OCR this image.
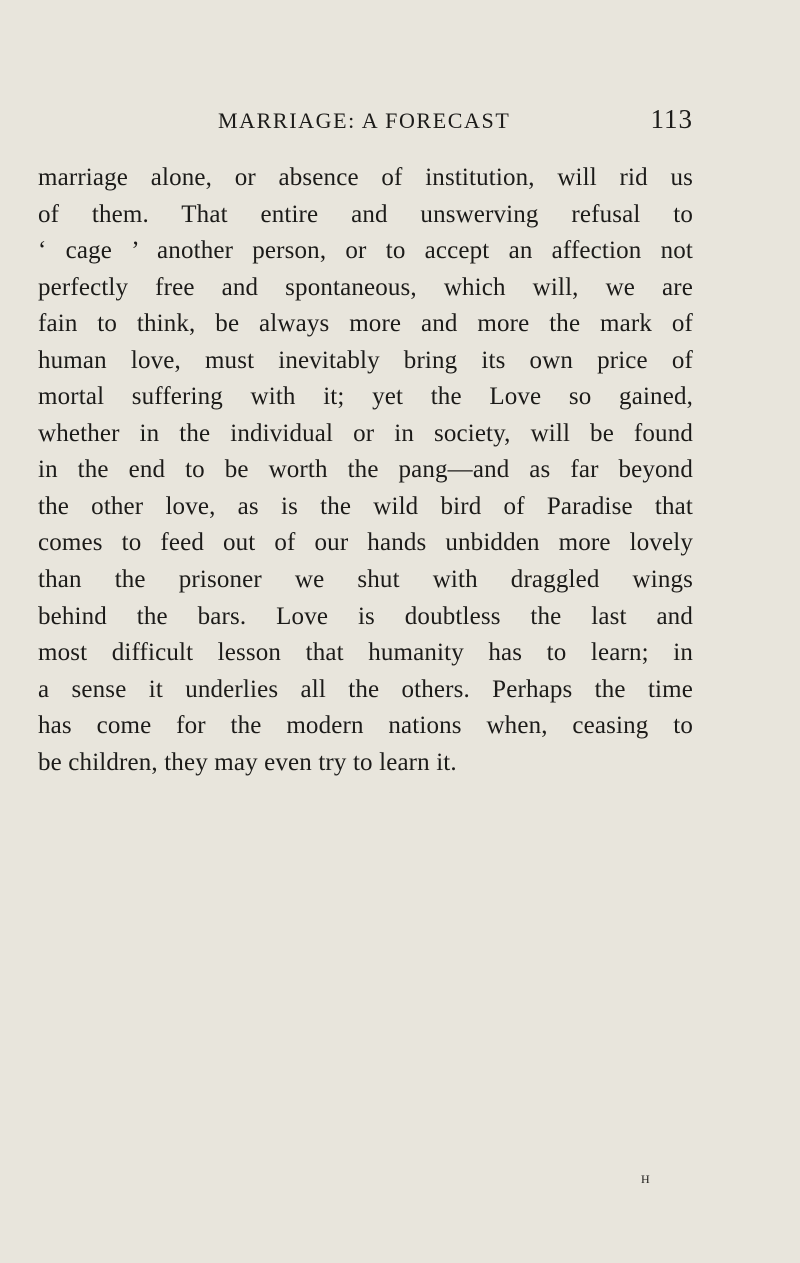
MARRIAGE: A FORECAST	113
marriage alone, or absence of institution, will rid us
of them. That entire and unswerving refusal to
‘ cage ’ another person, or to accept an affection not
perfectly free and spontaneous, which will, we are
fain to think, be always more and more the mark of
human love, must inevitably bring its own price of
mortal suffering with it; yet the Love so gained,
whether in the individual or in society, will be found
in the end to be worth the pang—and as far beyond
the other love, as is the wild bird of Paradise that
comes to feed out of our hands unbidden more lovely
than the prisoner we shut with draggled wings
behind the bars. Love is doubtless the last and
most difficult lesson that humanity has to learn; in
a sense it underlies all the others. Perhaps the time
has come for the modern nations when, ceasing to
be children, they may even try to learn it.
H
